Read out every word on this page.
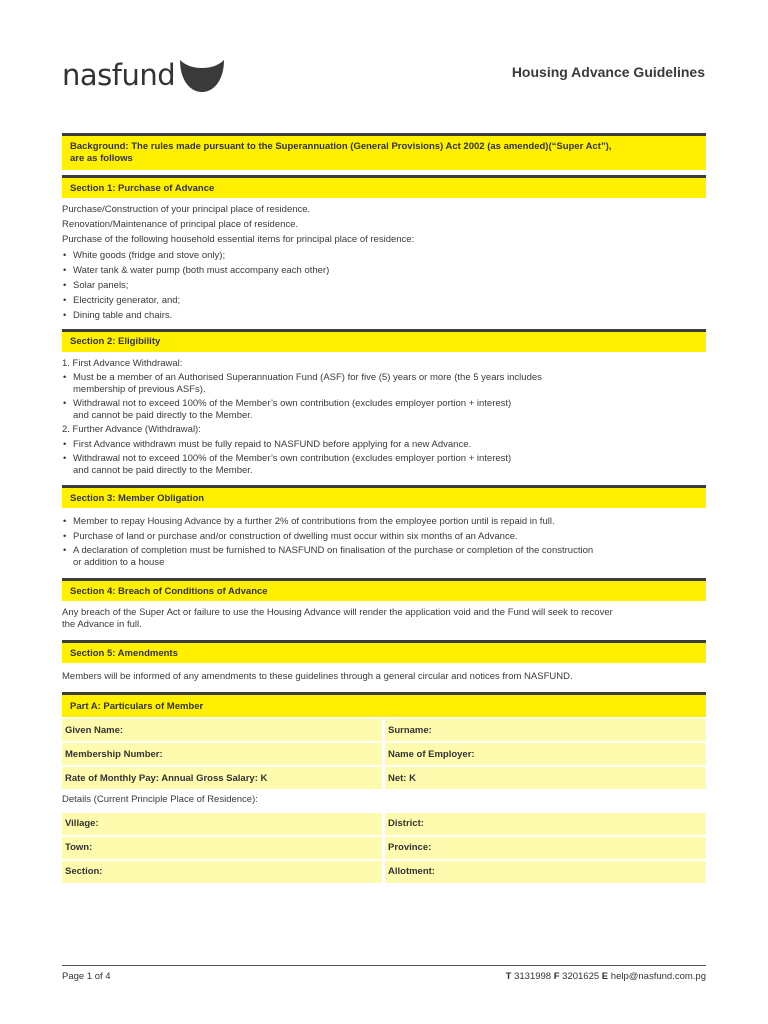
nasfund	Housing Advance Guidelines
Background: The rules made pursuant to the Superannuation (General Provisions) Act 2002 (as amended)(“Super Act”),
are as follows
Section 1: Purchase of Advance
Purchase/Construction of your principal place of residence.
Renovation/Maintenance of principal place of residence.
Purchase of the following household essential items for principal place of residence:
• White goods (fridge and stove only);
• Water tank & water pump (both must accompany each other)
• Solar panels;
• Electricity generator, and;
• Dining table and chairs.
Section 2: Eligibility
1. First Advance Withdrawal:
• Must be a member of an Authorised Superannuation Fund (ASF) for five (5) years or more (the 5 years includes
membership of previous ASFs).
• Withdrawal not to exceed 100% of the Member’s own contribution (excludes employer portion + interest)
and cannot be paid directly to the Member.
2. Further Advance (Withdrawal):
• First Advance withdrawn must be fully repaid to NASFUND before applying for a new Advance.
• Withdrawal not to exceed 100% of the Member’s own contribution (excludes employer portion + interest)
and cannot be paid directly to the Member.
Section 3: Member Obligation
• Member to repay Housing Advance by a further 2% of contributions from the employee portion until is repaid in full.
• Purchase of land or purchase and/or construction of dwelling must occur within six months of an Advance.
• A declaration of completion must be furnished to NASFUND on finalisation of the purchase or completion of the construction
or addition to a house
Section 4: Breach of Conditions of Advance
Any breach of the Super Act or failure to use the Housing Advance will render the application void and the Fund will seek to recover
the Advance in full.
Section 5: Amendments
Members will be informed of any amendments to these guidelines through a general circular and notices from NASFUND.
Part A: Particulars of Member
Given Name:	Surname:
Membership Number:	Name of Employer:
Rate of Monthly Pay: Annual Gross Salary: K	Net: K
Details (Current Principle Place of Residence):
Village:	District:
Town:	Province:
Section:	Allotment:
Page 1 of 4	T 3131998 F 3201625 E help@nasfund.com.pg
